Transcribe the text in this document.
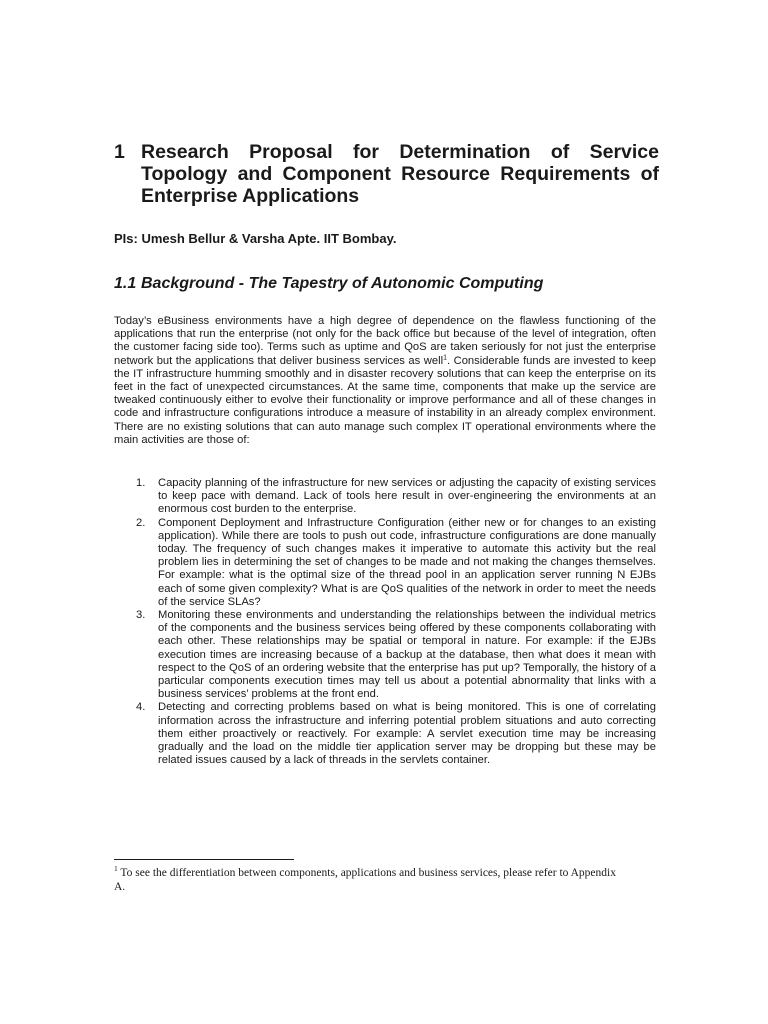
1 Research Proposal for Determination of Service Topology and Component Resource Requirements of Enterprise Applications
PIs: Umesh Bellur & Varsha Apte. IIT Bombay.
1.1 Background - The Tapestry of Autonomic Computing

Today’s eBusiness environments have a high degree of dependence on the flawless functioning of the applications that run the enterprise (not only for the back office but because of the level of integration, often the customer facing side too). Terms such as uptime and QoS are taken seriously for not just the enterprise network but the applications that deliver business services as well$^1$. Considerable funds are invested to keep the IT infrastructure humming smoothly and in disaster recovery solutions that can keep the enterprise on its feet in the fact of unexpected circumstances. At the same time, components that make up the service are tweaked continuously either to evolve their functionality or improve performance and all of these changes in code and infrastructure configurations introduce a measure of instability in an already complex environment. There are no existing solutions that can auto manage such complex IT operational environments where the main activities are those of:

1.	Capacity planning of the infrastructure for new services or adjusting the capacity of existing services to keep pace with demand. Lack of tools here result in over-engineering the environments at an enormous cost burden to the enterprise.
2.	Component Deployment and Infrastructure Configuration (either new or for changes to an existing application). While there are tools to push out code, infrastructure configurations are done manually today. The frequency of such changes makes it imperative to automate this activity but the real problem lies in determining the set of changes to be made and not making the changes themselves. For example: what is the optimal size of the thread pool in an application server running N EJBs each of some given complexity? What is are QoS qualities of the network in order to meet the needs of the service SLAs?
3.	Monitoring these environments and understanding the relationships between the individual metrics of the components and the business services being offered by these components collaborating with each other. These relationships may be spatial or temporal in nature. For example: if the EJBs execution times are increasing because of a backup at the database, then what does it mean with respect to the QoS of an ordering website that the enterprise has put up? Temporally, the history of a particular components execution times may tell us about a potential abnormality that links with a business services’ problems at the front end.
4.	Detecting and correcting problems based on what is being monitored. This is one of correlating information across the infrastructure and inferring potential problem situations and auto correcting them either proactively or reactively. For example: A servlet execution time may be increasing gradually and the load on the middle tier application server may be dropping but these may be related issues caused by a lack of threads in the servlets container.

$^1$ To see the differentiation between components, applications and business services, please refer to Appendix A.
